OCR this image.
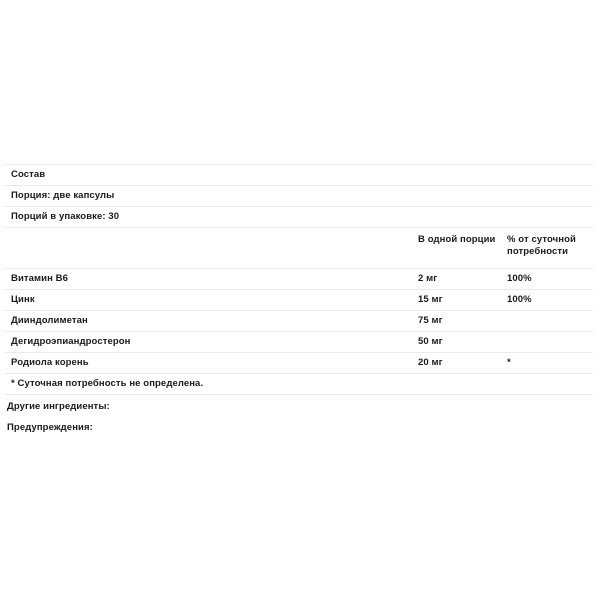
Состав		
Порция: две капсулы		
Порций в упаковке: 30		
	В одной порции	% от суточной потребности
Витамин B6	2 мг	100%
Цинк	15 мг	100%
Дииндолиметан	75 мг	
Дегидроэпиандростерон	50 мг	
Родиола корень	20 мг	*
* Суточная потребность не определена.		
Другие ингредиенты:
Предупреждения:
